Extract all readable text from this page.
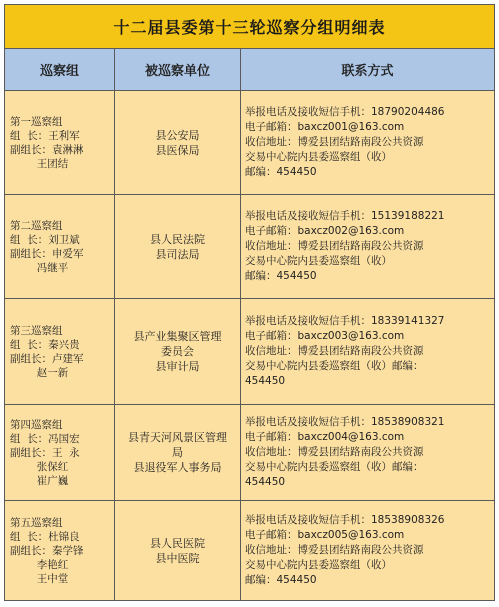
十二届县委第十三轮巡察分组明细表
巡察组	被巡察单位	联系方式
第一巡察组
组  长：王利军
副组长：袁淋淋
王团结
县公安局
县医保局
举报电话及接收短信手机：18790204486
电子邮箱：baxcz001@163.com
收信地址：博爱县团结路南段公共资源
交易中心院内县委巡察组（收）
邮编：454450
第二巡察组
组  长：刘卫斌
副组长：申爱军
冯继平
县人民法院
县司法局
举报电话及接收短信手机：15139188221
电子邮箱：baxcz002@163.com
收信地址：博爱县团结路南段公共资源
交易中心院内县委巡察组（收）
邮编：454450
第三巡察组
组  长：秦兴贵
副组长：卢建军
赵一新
县产业集聚区管理
委员会
县审计局
举报电话及接收短信手机：18339141327
电子邮箱：baxcz003@163.com
收信地址：博爱县团结路南段公共资源
交易中心院内县委巡察组（收）邮编：
454450
第四巡察组
组  长：冯国宏
副组长：王  永
张保红
崔广巍
县青天河风景区管理
局
县退役军人事务局
举报电话及接收短信手机：18538908321
电子邮箱：baxcz004@163.com
收信地址：博爱县团结路南段公共资源
交易中心院内县委巡察组（收）邮编：
454450
第五巡察组
组  长：杜锦良
副组长：秦学锋
李艳红
王中堂
县人民医院
县中医院
举报电话及接收短信手机：18538908326
电子邮箱：baxcz005@163.com
收信地址：博爱县团结路南段公共资源
交易中心院内县委巡察组（收）
邮编：454450
